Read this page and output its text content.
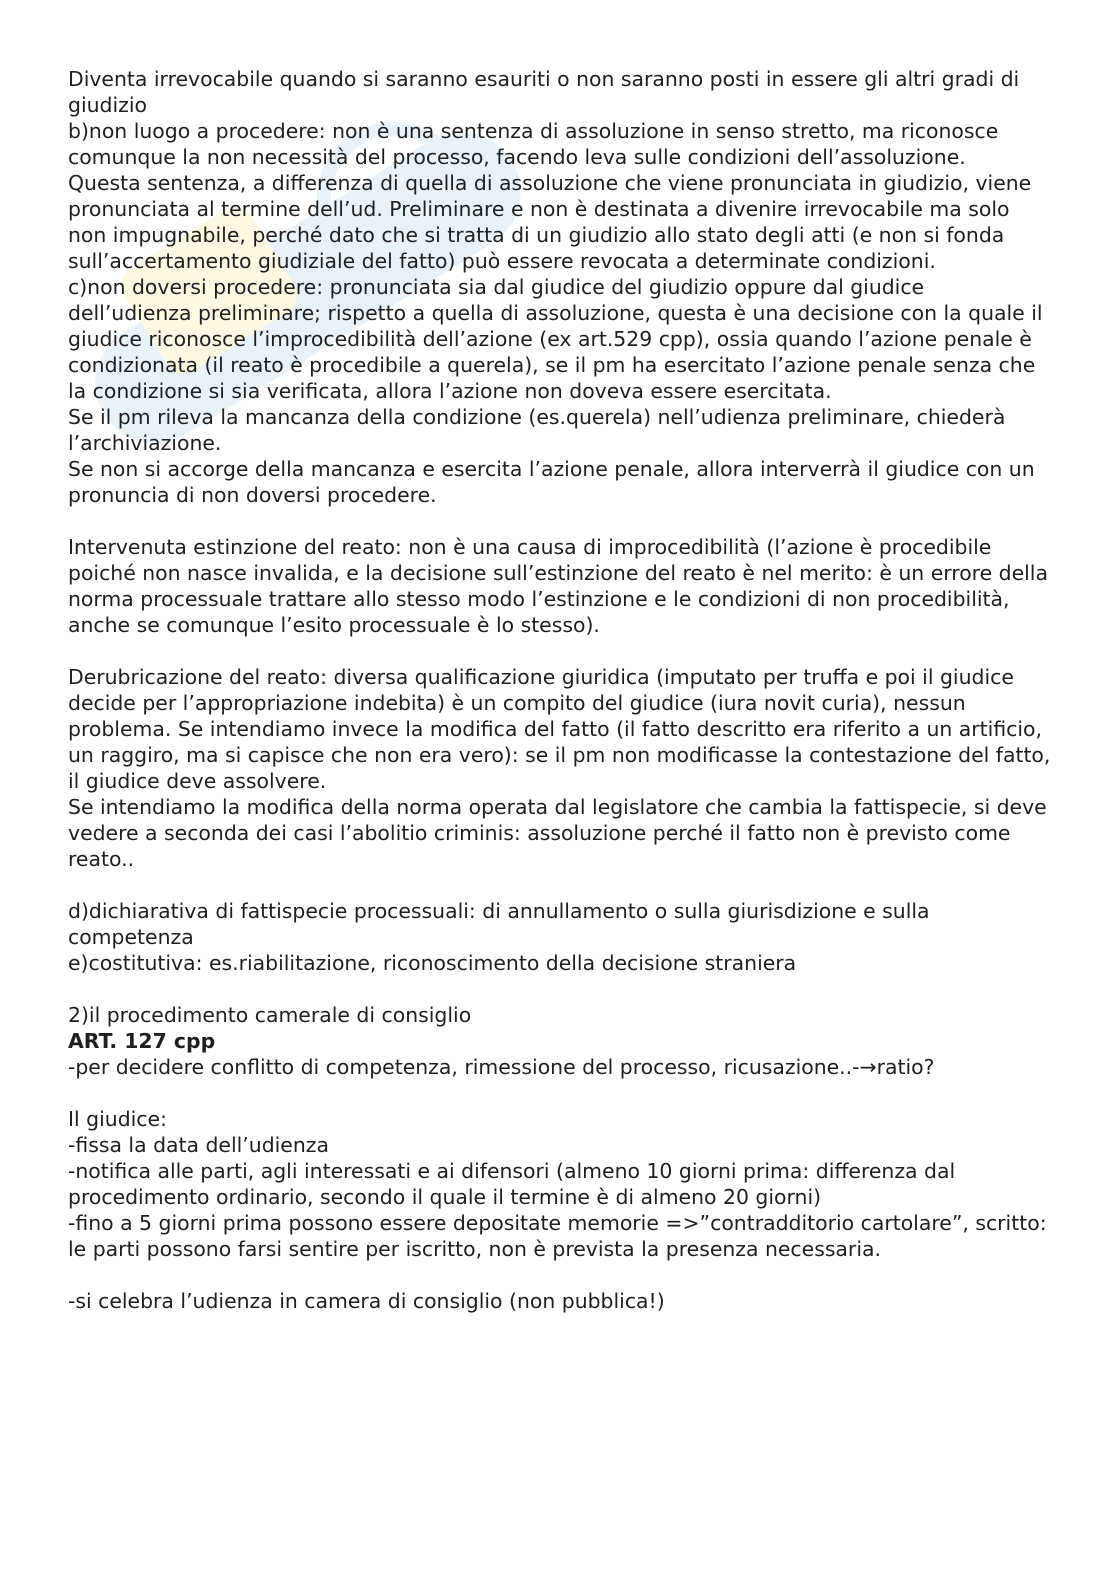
Diventa irrevocabile quando si saranno esauriti o non saranno posti in essere gli altri gradi di giudizio

b)non luogo a procedere: non è una sentenza di assoluzione in senso stretto, ma riconosce comunque la non necessità del processo, facendo leva sulle condizioni dell’assoluzione.

Questa sentenza, a differenza di quella di assoluzione che viene pronunciata in giudizio, viene pronunciata al termine dell’ud. Preliminare e non è destinata a divenire irrevocabile ma solo non impugnabile, perché dato che si tratta di un giudizio allo stato degli atti (e non si fonda sull’accertamento giudiziale del fatto) può essere revocata a determinate condizioni.

c)non doversi procedere: pronunciata sia dal giudice del giudizio oppure dal giudice dell’udienza preliminare; rispetto a quella di assoluzione, questa è una decisione con la quale il giudice riconosce l’improcedibilità dell’azione (ex art.529 cpp), ossia quando l’azione penale è condizionata (il reato è procedibile a querela), se il pm ha esercitato l’azione penale senza che la condizione si sia verificata, allora l’azione non doveva essere esercitata.

Se il pm rileva la mancanza della condizione (es.querela) nell’udienza preliminare, chiederà l’archiviazione.

Se non si accorge della mancanza e esercita l’azione penale, allora interverrà il giudice con un pronuncia di non doversi procedere.

Intervenuta estinzione del reato: non è una causa di improcedibilità (l’azione è procedibile poiché non nasce invalida, e la decisione sull’estinzione del reato è nel merito: è un errore della norma processuale trattare allo stesso modo l’estinzione e le condizioni di non procedibilità, anche se comunque l’esito processuale è lo stesso).

Derubricazione del reato: diversa qualificazione giuridica (imputato per truffa e poi il giudice decide per l’appropriazione indebita) è un compito del giudice (iura novit curia), nessun problema. Se intendiamo invece la modifica del fatto (il fatto descritto era riferito a un artificio, un raggiro, ma si capisce che non era vero): se il pm non modificasse la contestazione del fatto, il giudice deve assolvere.

Se intendiamo la modifica della norma operata dal legislatore che cambia la fattispecie, si deve vedere a seconda dei casi l’abolitio criminis: assoluzione perché il fatto non è previsto come reato..

d)dichiarativa di fattispecie processuali: di annullamento o sulla giurisdizione e sulla competenza

e)costitutiva: es.riabilitazione, riconoscimento della decisione straniera

2)il procedimento camerale di consiglio

ART. 127 cpp

-per decidere conflitto di competenza, rimessione del processo, ricusazione..-→ratio?

Il giudice:

-fissa la data dell’udienza

-notifica alle parti, agli interessati e ai difensori (almeno 10 giorni prima: differenza dal procedimento ordinario, secondo il quale il termine è di almeno 20 giorni)

-fino a 5 giorni prima possono essere depositate memorie =>”contradditorio cartolare”, scritto: le parti possono farsi sentire per iscritto, non è prevista la presenza necessaria.

-si celebra l’udienza in camera di consiglio (non pubblica!)
